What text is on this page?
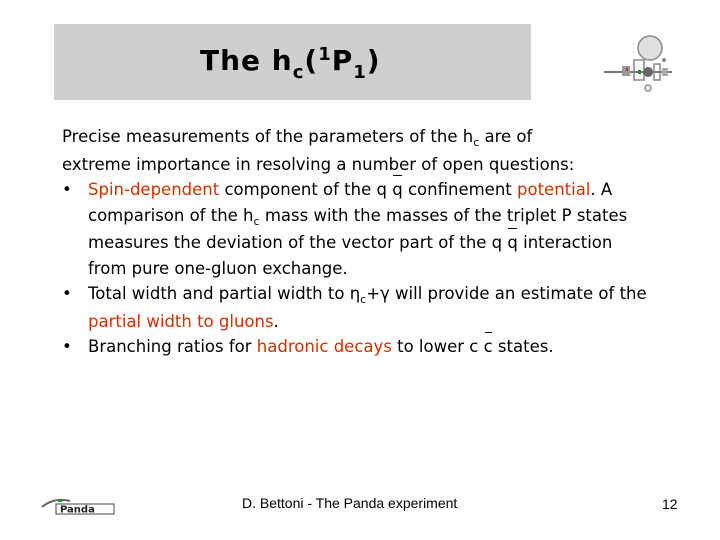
The $h_c(^1P_1)$
Precise measurements of the parameters of the $h_c$ are of
extreme importance in resolving a number of open questions:
• Spin-dependent component of the q q confinement potential. A
comparison of the $h_c$ mass with the masses of the triplet P states
measures the deviation of the vector part of the q q interaction
from pure one-gluon exchange.
• Total width and partial width to $\eta_c+\gamma$ will provide an estimate of the
partial width to gluons.
• Branching ratios for hadronic decays to lower c c states.
Panda	D. Bettoni - The Panda experiment	12
